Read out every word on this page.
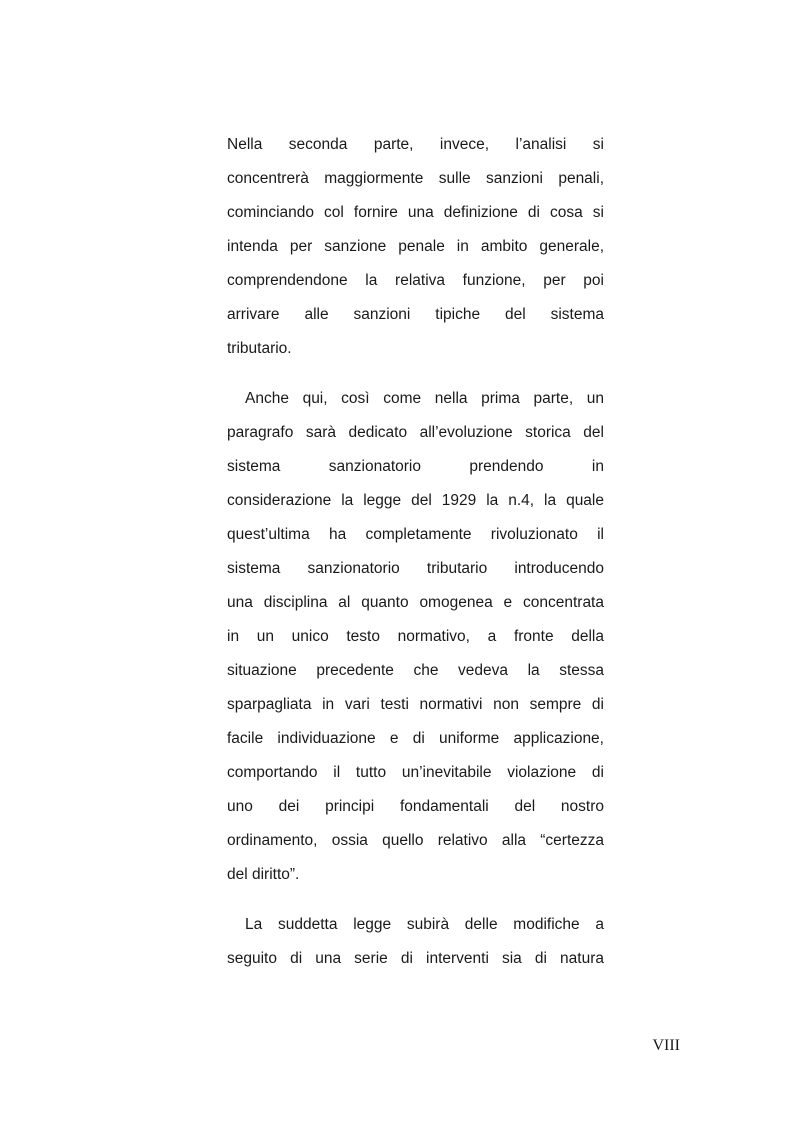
Nella seconda parte, invece, l’analisi si
concentrerà maggiormente sulle sanzioni penali,
cominciando col fornire una definizione di cosa si
intenda per sanzione penale in ambito generale,
comprendendone la relativa funzione, per poi
arrivare alle sanzioni tipiche del sistema
tributario.

Anche qui, così come nella prima parte, un
paragrafo sarà dedicato all’evoluzione storica del
sistema sanzionatorio prendendo in
considerazione la legge del 1929 la n.4, la quale
quest’ultima ha completamente rivoluzionato il
sistema sanzionatorio tributario introducendo
una disciplina al quanto omogenea e concentrata
in un unico testo normativo, a fronte della
situazione precedente che vedeva la stessa
sparpagliata in vari testi normativi non sempre di
facile individuazione e di uniforme applicazione,
comportando il tutto un’inevitabile violazione di
uno dei principi fondamentali del nostro
ordinamento, ossia quello relativo alla “certezza
del diritto”.

La suddetta legge subirà delle modifiche a
seguito di una serie di interventi sia di natura

VIII
